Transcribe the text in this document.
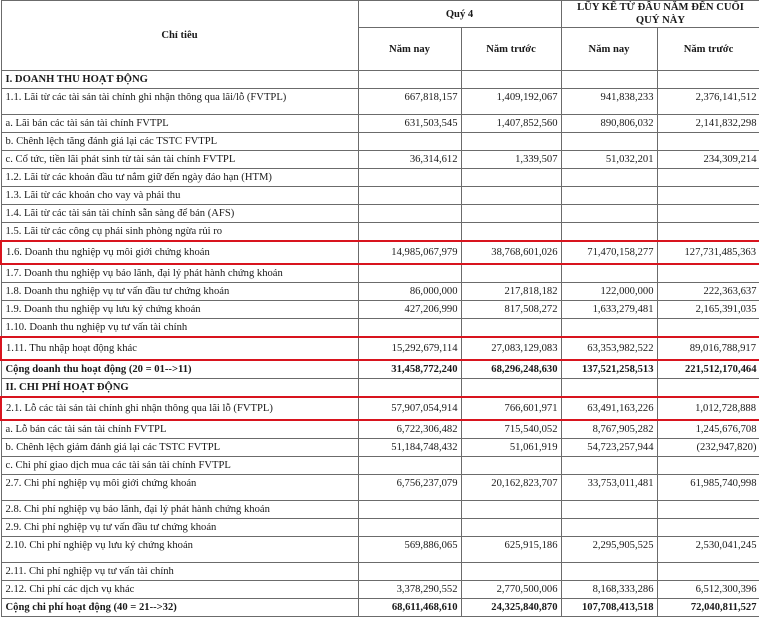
Chỉ tiêu	Quý 4		LŨY KẾ TỪ ĐẦU NĂM ĐẾN CUỐI QUÝ NÀY	
	Năm nay	Năm trước	Năm nay	Năm trước
I. DOANH THU HOẠT ĐỘNG				
1.1. Lãi từ các tài sản tài chính ghi nhận thông qua lãi/lỗ (FVTPL)	667,818,157	1,409,192,067	941,838,233	2,376,141,512
a. Lãi bán các tài sản tài chính FVTPL	631,503,545	1,407,852,560	890,806,032	2,141,832,298
b. Chênh lệch tăng đánh giá lại các TSTC FVTPL				
c. Cổ tức, tiền lãi phát sinh từ tài sản tài chính FVTPL	36,314,612	1,339,507	51,032,201	234,309,214
1.2. Lãi từ các khoản đầu tư nắm giữ đến ngày đáo hạn (HTM)				
1.3. Lãi từ các khoản cho vay và phải thu				
1.4. Lãi từ các tài sản tài chính sẵn sàng để bán (AFS)				
1.5. Lãi từ các công cụ phái sinh phòng ngừa rủi ro				
1.6. Doanh thu nghiệp vụ môi giới chứng khoán	14,985,067,979	38,768,601,026	71,470,158,277	127,731,485,363
1.7. Doanh thu nghiệp vụ bảo lãnh, đại lý phát hành chứng khoán				
1.8. Doanh thu nghiệp vụ tư vấn đầu tư chứng khoán	86,000,000	217,818,182	122,000,000	222,363,637
1.9. Doanh thu nghiệp vụ lưu ký chứng khoán	427,206,990	817,508,272	1,633,279,481	2,165,391,035
1.10. Doanh thu nghiệp vụ tư vấn tài chính				
1.11. Thu nhập hoạt động khác	15,292,679,114	27,083,129,083	63,353,982,522	89,016,788,917
Cộng doanh thu hoạt động (20 = 01-->11)	31,458,772,240	68,296,248,630	137,521,258,513	221,512,170,464
II. CHI PHÍ HOẠT ĐỘNG				
2.1. Lỗ các tài sản tài chính ghi nhận thông qua lãi lỗ (FVTPL)	57,907,054,914	766,601,971	63,491,163,226	1,012,728,888
a. Lỗ bán các tài sản tài chính FVTPL	6,722,306,482	715,540,052	8,767,905,282	1,245,676,708
b. Chênh lệch giảm đánh giá lại các TSTC FVTPL	51,184,748,432	51,061,919	54,723,257,944	(232,947,820)
c. Chi phí giao dịch mua các tài sản tài chính FVTPL				
2.7. Chi phí nghiệp vụ môi giới chứng khoán	6,756,237,079	20,162,823,707	33,753,011,481	61,985,740,998
2.8. Chi phí nghiệp vụ bảo lãnh, đại lý phát hành chứng khoán				
2.9. Chi phí nghiệp vụ tư vấn đầu tư chứng khoán				
2.10. Chi phí nghiệp vụ lưu ký chứng khoán	569,886,065	625,915,186	2,295,905,525	2,530,041,245
2.11. Chi phí nghiệp vụ tư vấn tài chính				
2.12. Chi phí các dịch vụ khác	3,378,290,552	2,770,500,006	8,168,333,286	6,512,300,396
Cộng chi phí hoạt động (40 = 21-->32)	68,611,468,610	24,325,840,870	107,708,413,518	72,040,811,527
